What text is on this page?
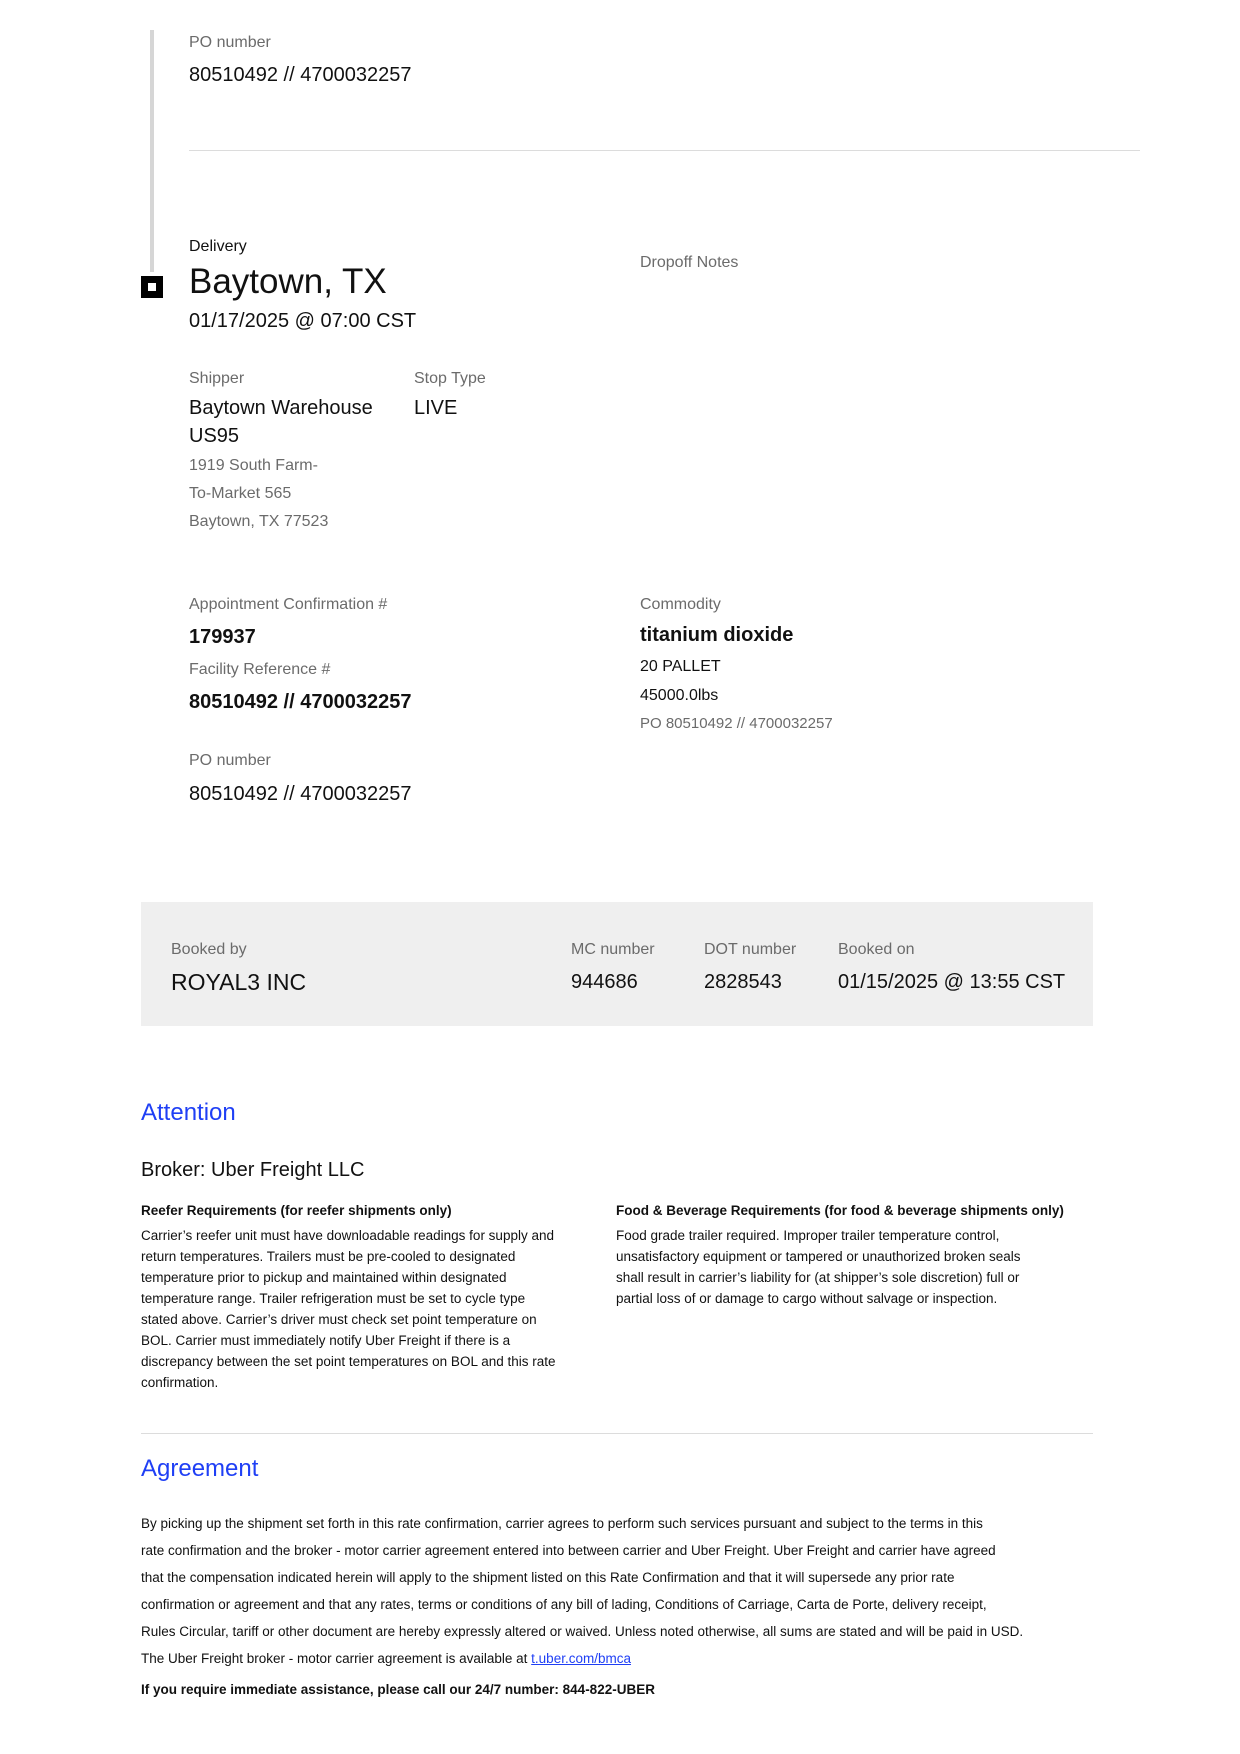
PO number
80510492 // 4700032257
Delivery
Baytown, TX
01/17/2025 @ 07:00 CST
Dropoff Notes
Shipper
Baytown Warehouse
US95
1919 South Farm-
To-Market 565
Baytown, TX 77523
Stop Type
LIVE
Appointment Confirmation #
179937
Facility Reference #
80510492 // 4700032257
PO number
80510492 // 4700032257
Commodity
titanium dioxide
20 PALLET
45000.0lbs
PO 80510492 // 4700032257
Booked by
ROYAL3 INC
MC number
944686
DOT number
2828543
Booked on
01/15/2025 @ 13:55 CST
Attention
Broker: Uber Freight LLC
Reefer Requirements (for reefer shipments only)
Carrier’s reefer unit must have downloadable readings for supply and
return temperatures. Trailers must be pre-cooled to designated
temperature prior to pickup and maintained within designated
temperature range. Trailer refrigeration must be set to cycle type
stated above. Carrier’s driver must check set point temperature on
BOL. Carrier must immediately notify Uber Freight if there is a
discrepancy between the set point temperatures on BOL and this rate
confirmation.
Food & Beverage Requirements (for food & beverage shipments only)
Food grade trailer required. Improper trailer temperature control,
unsatisfactory equipment or tampered or unauthorized broken seals
shall result in carrier’s liability for (at shipper’s sole discretion) full or
partial loss of or damage to cargo without salvage or inspection.
Agreement
By picking up the shipment set forth in this rate confirmation, carrier agrees to perform such services pursuant and subject to the terms in this
rate confirmation and the broker - motor carrier agreement entered into between carrier and Uber Freight. Uber Freight and carrier have agreed
that the compensation indicated herein will apply to the shipment listed on this Rate Confirmation and that it will supersede any prior rate
confirmation or agreement and that any rates, terms or conditions of any bill of lading, Conditions of Carriage, Carta de Porte, delivery receipt,
Rules Circular, tariff or other document are hereby expressly altered or waived. Unless noted otherwise, all sums are stated and will be paid in USD.
The Uber Freight broker - motor carrier agreement is available at t.uber.com/bmca
If you require immediate assistance, please call our 24/7 number: 844-822-UBER
